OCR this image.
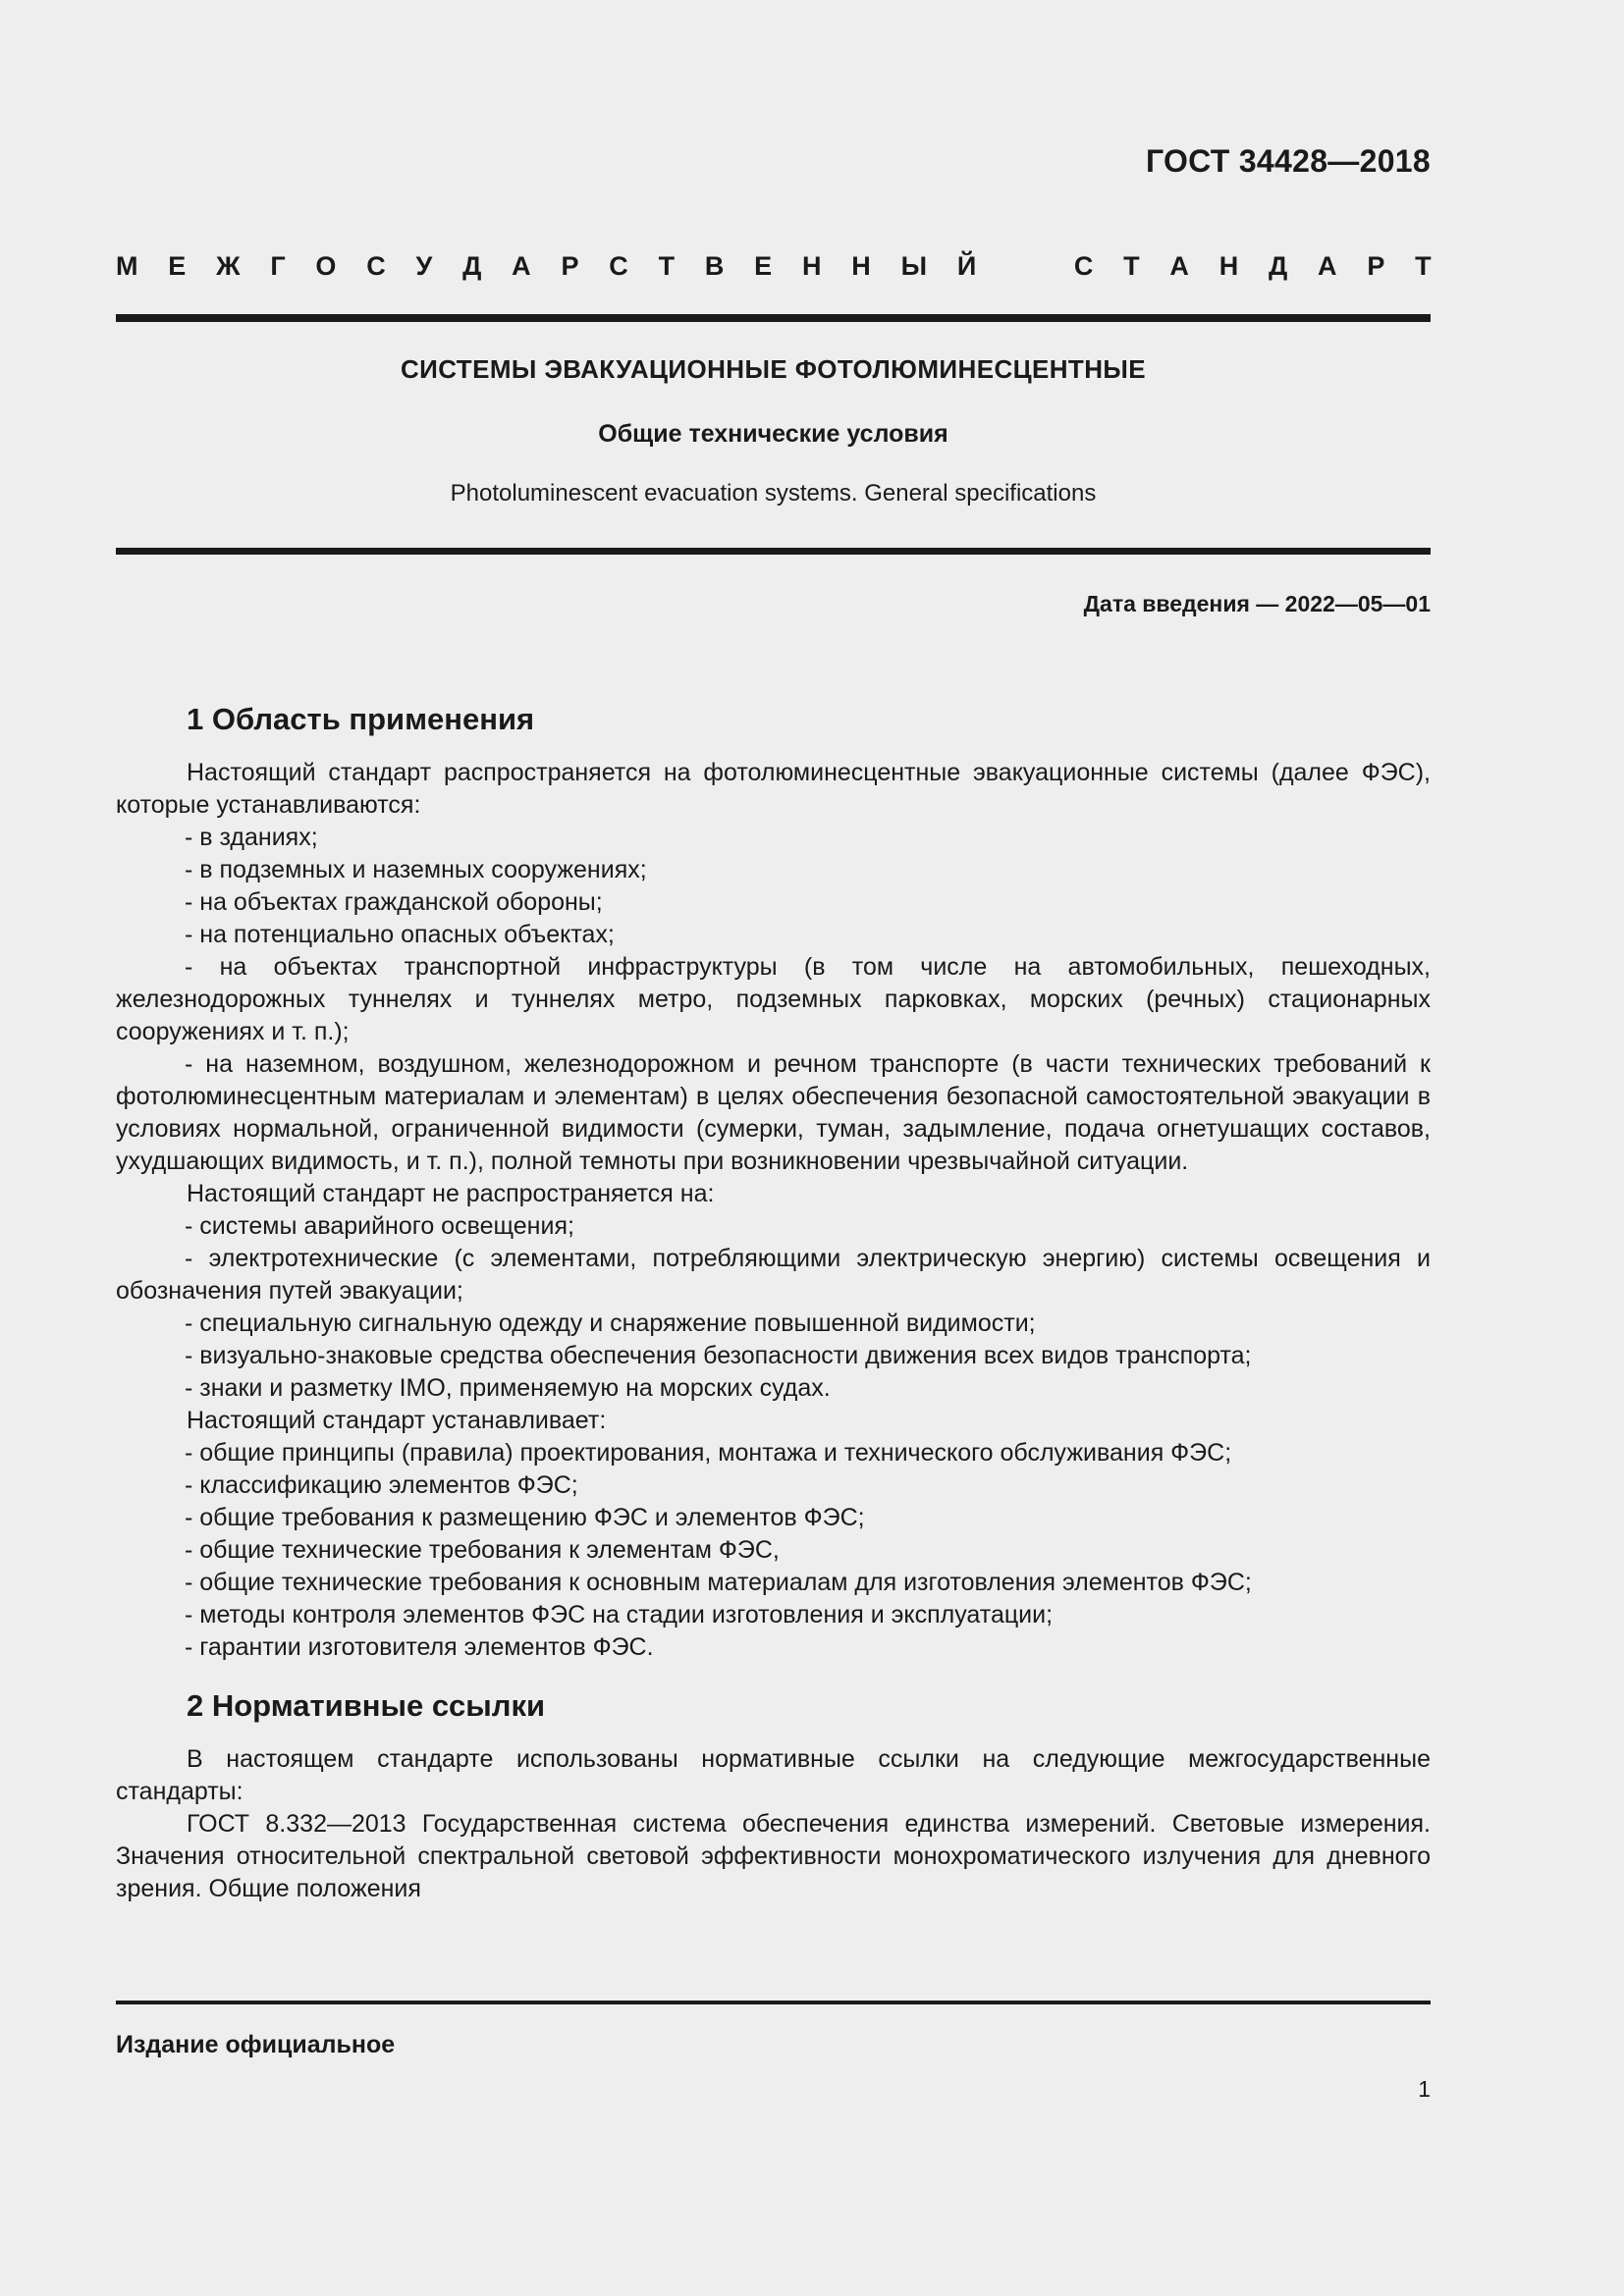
ГОСТ 34428—2018
М Е Ж Г О С У Д А Р С Т В Е Н Н Ы Й	С Т А Н Д А Р Т
СИСТЕМЫ ЭВАКУАЦИОННЫЕ ФОТОЛЮМИНЕСЦЕНТНЫЕ
Общие технические условия
Photoluminescent evacuation systems. General specifications
Дата введения — 2022—05—01
1 Область применения

Настоящий стандарт распространяется на фотолюминесцентные эвакуационные системы (далее ФЭС), которые устанавливаются:

- в зданиях;

- в подземных и наземных сооружениях;

- на объектах гражданской обороны;

- на потенциально опасных объектах;

- на объектах транспортной инфраструктуры (в том числе на автомобильных, пешеходных, железнодорожных туннелях и туннелях метро, подземных парковках, морских (речных) стационарных сооружениях и т. п.);

- на наземном, воздушном, железнодорожном и речном транспорте (в части технических требований к фотолюминесцентным материалам и элементам) в целях обеспечения безопасной самостоятельной эвакуации в условиях нормальной, ограниченной видимости (сумерки, туман, задымление, подача огнетушащих составов, ухудшающих видимость, и т. п.), полной темноты при возникновении чрезвычайной ситуации.

Настоящий стандарт не распространяется на:

- системы аварийного освещения;

- электротехнические (с элементами, потребляющими электрическую энергию) системы освещения и обозначения путей эвакуации;

- специальную сигнальную одежду и снаряжение повышенной видимости;

- визуально-знаковые средства обеспечения безопасности движения всех видов транспорта;

- знаки и разметку IMO, применяемую на морских судах.

Настоящий стандарт устанавливает:

- общие принципы (правила) проектирования, монтажа и технического обслуживания ФЭС;

- классификацию элементов ФЭС;

- общие требования к размещению ФЭС и элементов ФЭС;

- общие технические требования к элементам ФЭС,

- общие технические требования к основным материалам для изготовления элементов ФЭС;

- методы контроля элементов ФЭС на стадии изготовления и эксплуатации;

- гарантии изготовителя элементов ФЭС.

2 Нормативные ссылки

В настоящем стандарте использованы нормативные ссылки на следующие межгосударственные стандарты:

ГОСТ 8.332—2013 Государственная система обеспечения единства измерений. Световые измерения. Значения относительной спектральной световой эффективности монохроматического излучения для дневного зрения. Общие положения

Издание официальное
1
